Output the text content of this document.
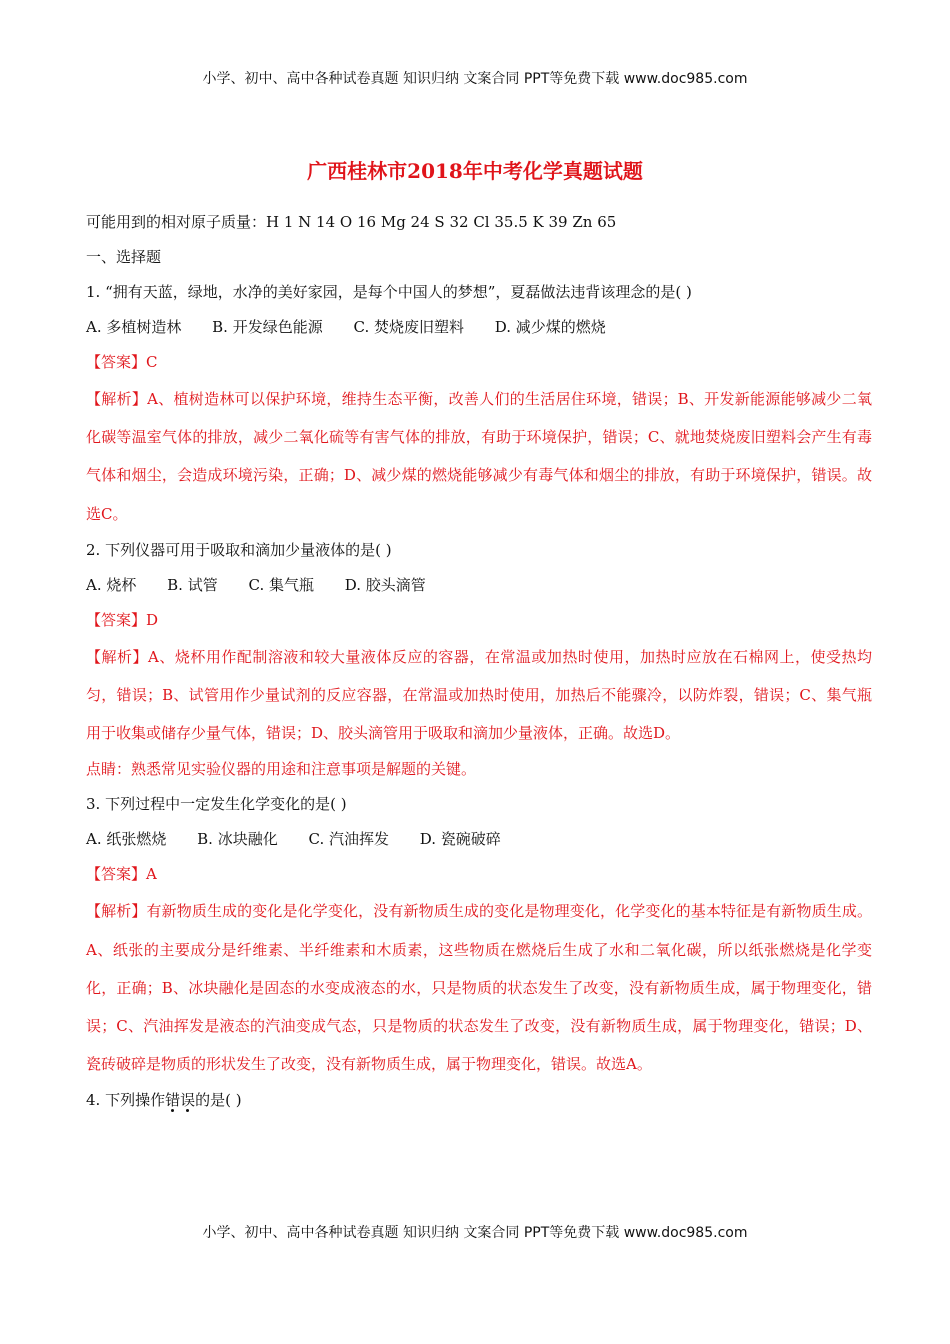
小学、初中、高中各种试卷真题 知识归纳 文案合同 PPT等免费下载 www.doc985.com
广西桂林市2018年中考化学真题试题
可能用到的相对原子质量：H 1 N 14 O 16 Mg 24 S 32 Cl 35.5 K 39 Zn 65
一、选择题
1. “拥有天蓝，绿地，水净的美好家园，是每个中国人的梦想”，夏磊做法违背该理念的是( )
A. 多植树造林 B. 开发绿色能源 C. 焚烧废旧塑料 D. 减少煤的燃烧
【答案】C

【解析】A、植树造林可以保护环境，维持生态平衡，改善人们的生活居住环境，错误；B、开发新能源能够减少二氧化碳等温室气体的排放，减少二氧化硫等有害气体的排放，有助于环境保护，错误；C、就地焚烧废旧塑料会产生有毒气体和烟尘，会造成环境污染，正确；D、减少煤的燃烧能够减少有毒气体和烟尘的排放，有助于环境保护，错误。故选C。

2. 下列仪器可用于吸取和滴加少量液体的是( )
A. 烧杯 B. 试管 C. 集气瓶 D. 胶头滴管
【答案】D

【解析】A、烧杯用作配制溶液和较大量液体反应的容器，在常温或加热时使用，加热时应放在石棉网上，使受热均匀，错误；B、试管用作少量试剂的反应容器，在常温或加热时使用，加热后不能骤冷，以防炸裂，错误；C、集气瓶用于收集或储存少量气体，错误；D、胶头滴管用于吸取和滴加少量液体，正确。故选D。

点睛：熟悉常见实验仪器的用途和注意事项是解题的关键。
3. 下列过程中一定发生化学变化的是( )
A. 纸张燃烧 B. 冰块融化 C. 汽油挥发 D. 瓷碗破碎
【答案】A

【解析】有新物质生成的变化是化学变化，没有新物质生成的变化是物理变化，化学变化的基本特征是有新物质生成。A、纸张的主要成分是纤维素、半纤维素和木质素，这些物质在燃烧后生成了水和二氧化碳，所以纸张燃烧是化学变化，正确；B、冰块融化是固态的水变成液态的水，只是物质的状态发生了改变，没有新物质生成，属于物理变化，错误；C、汽油挥发是液态的汽油变成气态，只是物质的状态发生了改变，没有新物质生成，属于物理变化，错误；D、瓷砖破碎是物质的形状发生了改变，没有新物质生成，属于物理变化，错误。故选A。

4. 下列操作错误的是( )
小学、初中、高中各种试卷真题 知识归纳 文案合同 PPT等免费下载 www.doc985.com
